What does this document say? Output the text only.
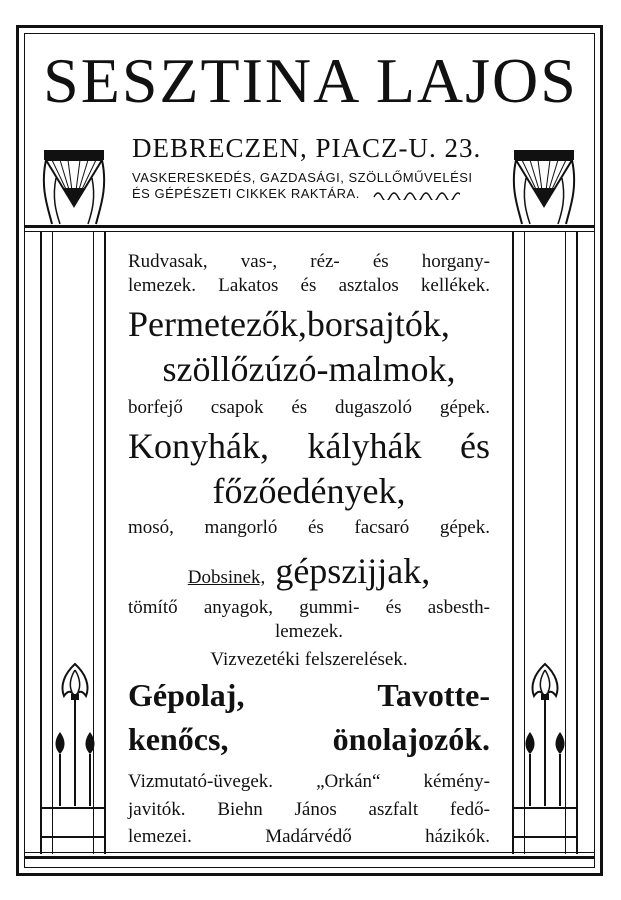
SESZTINA LAJOS
DEBRECZEN, PIACZ-U. 23.
VASKERESKEDÉS, GAZDASÁGI, SZÖLLŐMŰVELÉSI
ÉS GÉPÉSZETI CIKKEK RAKTÁRA.
Rudvasak, vas-, réz- és horgany-
lemezek. Lakatos és asztalos kellékek.
Permetezők,borsajtók,
szöllőzúzó-malmok,
borfejő csapok és dugaszoló gépek.
Konyhák, kályhák és
főzőedények,
mosó, mangorló és facsaró gépek.
Dobsinek, gépszijjak,
tömítő anyagok, gummi- és asbesth-
lemezek.
Vizvezetéki felszerelések.
Gépolaj, Tavotte-
kenőcs, önolajozók.
Vizmutató-üvegek. „Orkán“ kémény-
javitók. Biehn János aszfalt fedő-
lemezei. Madárvédő házikók.
